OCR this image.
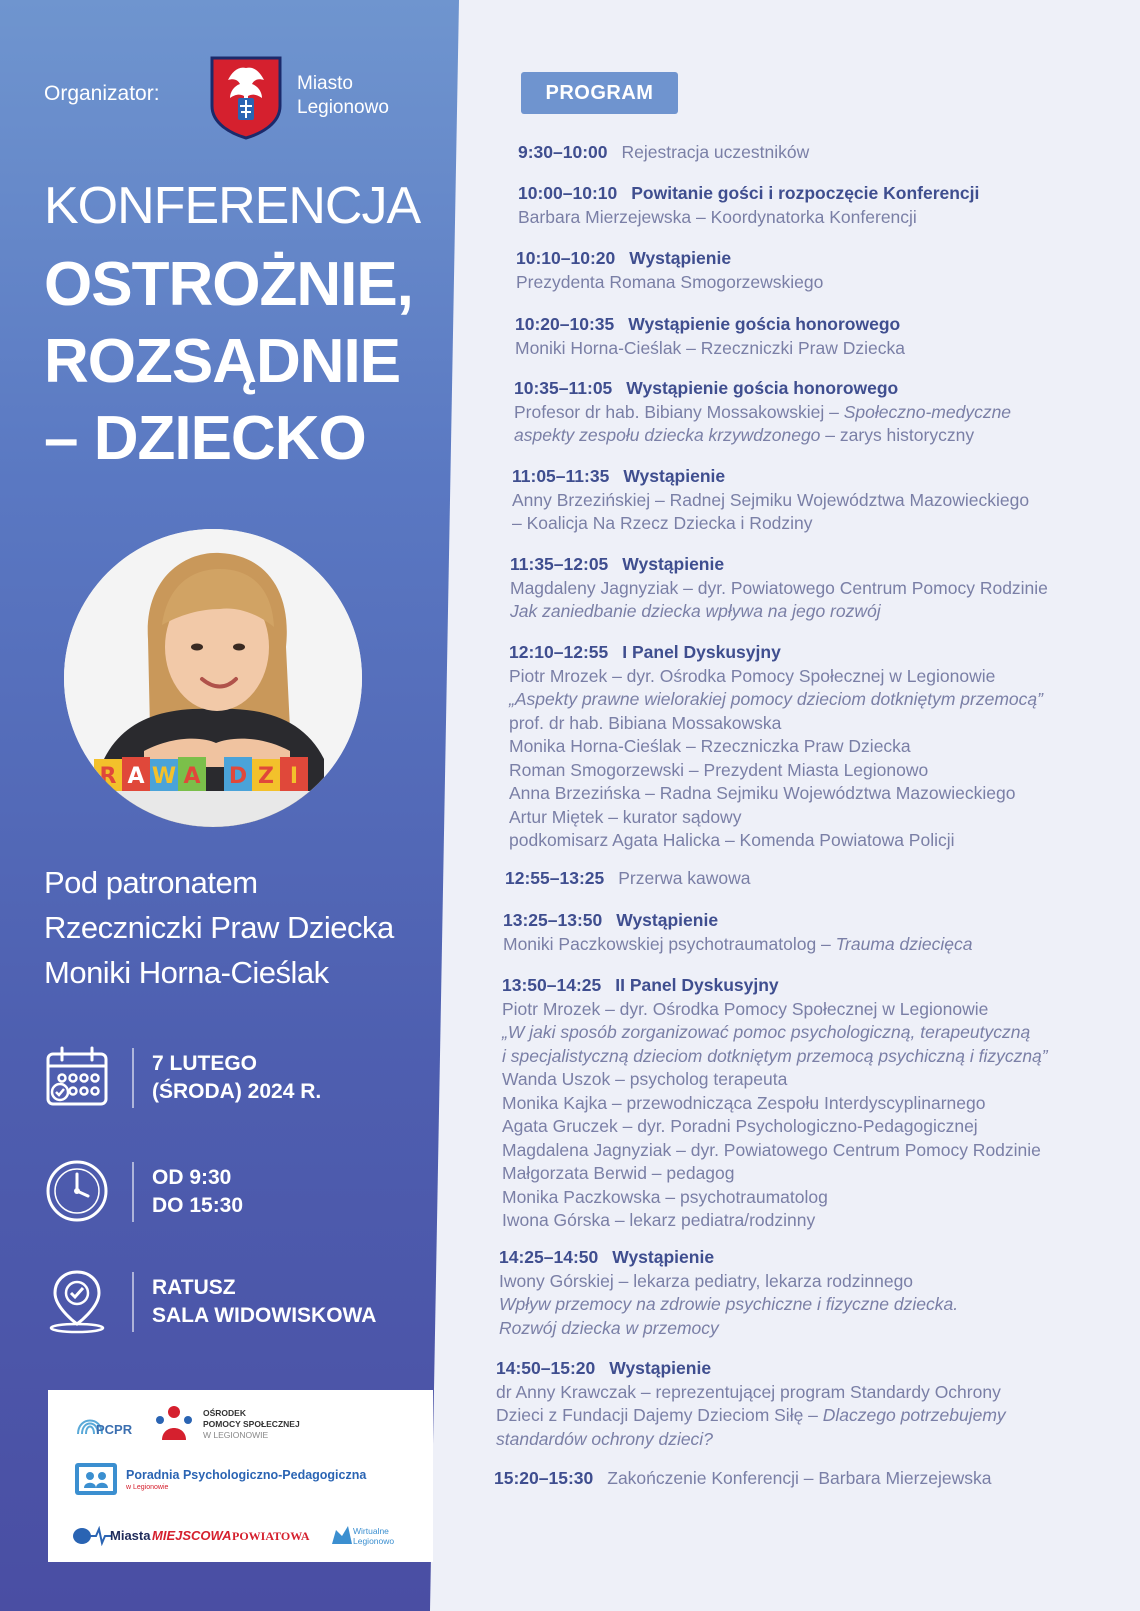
Organizator:	Miasto
Legionowo
KONFERENCJA
OSTROŻNIE,
ROZSĄDNIE
– DZIECKO
R A W A D Z I
Pod patronatem
Rzeczniczki Praw Dziecka
Moniki Horna-Cieślak
7 LUTEGO
(ŚRODA) 2024 R.
OD 9:30
DO 15:30
RATUSZ
SALA WIDOWISKOWA
PCPR
OŚRODEK
POMOCY SPOŁECZNEJ
W LEGIONOWIE
Poradnia Psychologiczno-Pedagogiczna
w Legionowie
Miasta MIEJSCOWA POWIATOWA	Wirtualne
Legionowo
PROGRAM
9:30–10:00 Rejestracja uczestników
10:00–10:10 Powitanie gości i rozpoczęcie Konferencji
Barbara Mierzejewska – Koordynatorka Konferencji
10:10–10:20 Wystąpienie
Prezydenta Romana Smogorzewskiego
10:20–10:35 Wystąpienie gościa honorowego
Moniki Horna-Cieślak – Rzeczniczki Praw Dziecka
10:35–11:05 Wystąpienie gościa honorowego
Profesor dr hab. Bibiany Mossakowskiej – Społeczno-medyczne
aspekty zespołu dziecka krzywdzonego – zarys historyczny
11:05–11:35 Wystąpienie
Anny Brzezińskiej – Radnej Sejmiku Województwa Mazowieckiego
– Koalicja Na Rzecz Dziecka i Rodziny
11:35–12:05 Wystąpienie
Magdaleny Jagnyziak – dyr. Powiatowego Centrum Pomocy Rodzinie
Jak zaniedbanie dziecka wpływa na jego rozwój
12:10–12:55 I Panel Dyskusyjny
Piotr Mrozek – dyr. Ośrodka Pomocy Społecznej w Legionowie
„Aspekty prawne wielorakiej pomocy dzieciom dotkniętym przemocą”
prof. dr hab. Bibiana Mossakowska
Monika Horna-Cieślak – Rzeczniczka Praw Dziecka
Roman Smogorzewski – Prezydent Miasta Legionowo
Anna Brzezińska – Radna Sejmiku Województwa Mazowieckiego
Artur Miętek – kurator sądowy
podkomisarz Agata Halicka – Komenda Powiatowa Policji
12:55–13:25 Przerwa kawowa
13:25–13:50 Wystąpienie
Moniki Paczkowskiej psychotraumatolog – Trauma dziecięca
13:50–14:25 II Panel Dyskusyjny
Piotr Mrozek – dyr. Ośrodka Pomocy Społecznej w Legionowie
„W jaki sposób zorganizować pomoc psychologiczną, terapeutyczną
i specjalistyczną dzieciom dotkniętym przemocą psychiczną i fizyczną”
Wanda Uszok – psycholog terapeuta
Monika Kajka – przewodnicząca Zespołu Interdyscyplinarnego
Agata Gruczek – dyr. Poradni Psychologiczno-Pedagogicznej
Magdalena Jagnyziak – dyr. Powiatowego Centrum Pomocy Rodzinie
Małgorzata Berwid – pedagog
Monika Paczkowska – psychotraumatolog
Iwona Górska – lekarz pediatra/rodzinny
14:25–14:50 Wystąpienie
Iwony Górskiej – lekarza pediatry, lekarza rodzinnego
Wpływ przemocy na zdrowie psychiczne i fizyczne dziecka.
Rozwój dziecka w przemocy
14:50–15:20 Wystąpienie
dr Anny Krawczak – reprezentującej program Standardy Ochrony
Dzieci z Fundacji Dajemy Dzieciom Siłę – Dlaczego potrzebujemy
standardów ochrony dzieci?
15:20–15:30 Zakończenie Konferencji – Barbara Mierzejewska
